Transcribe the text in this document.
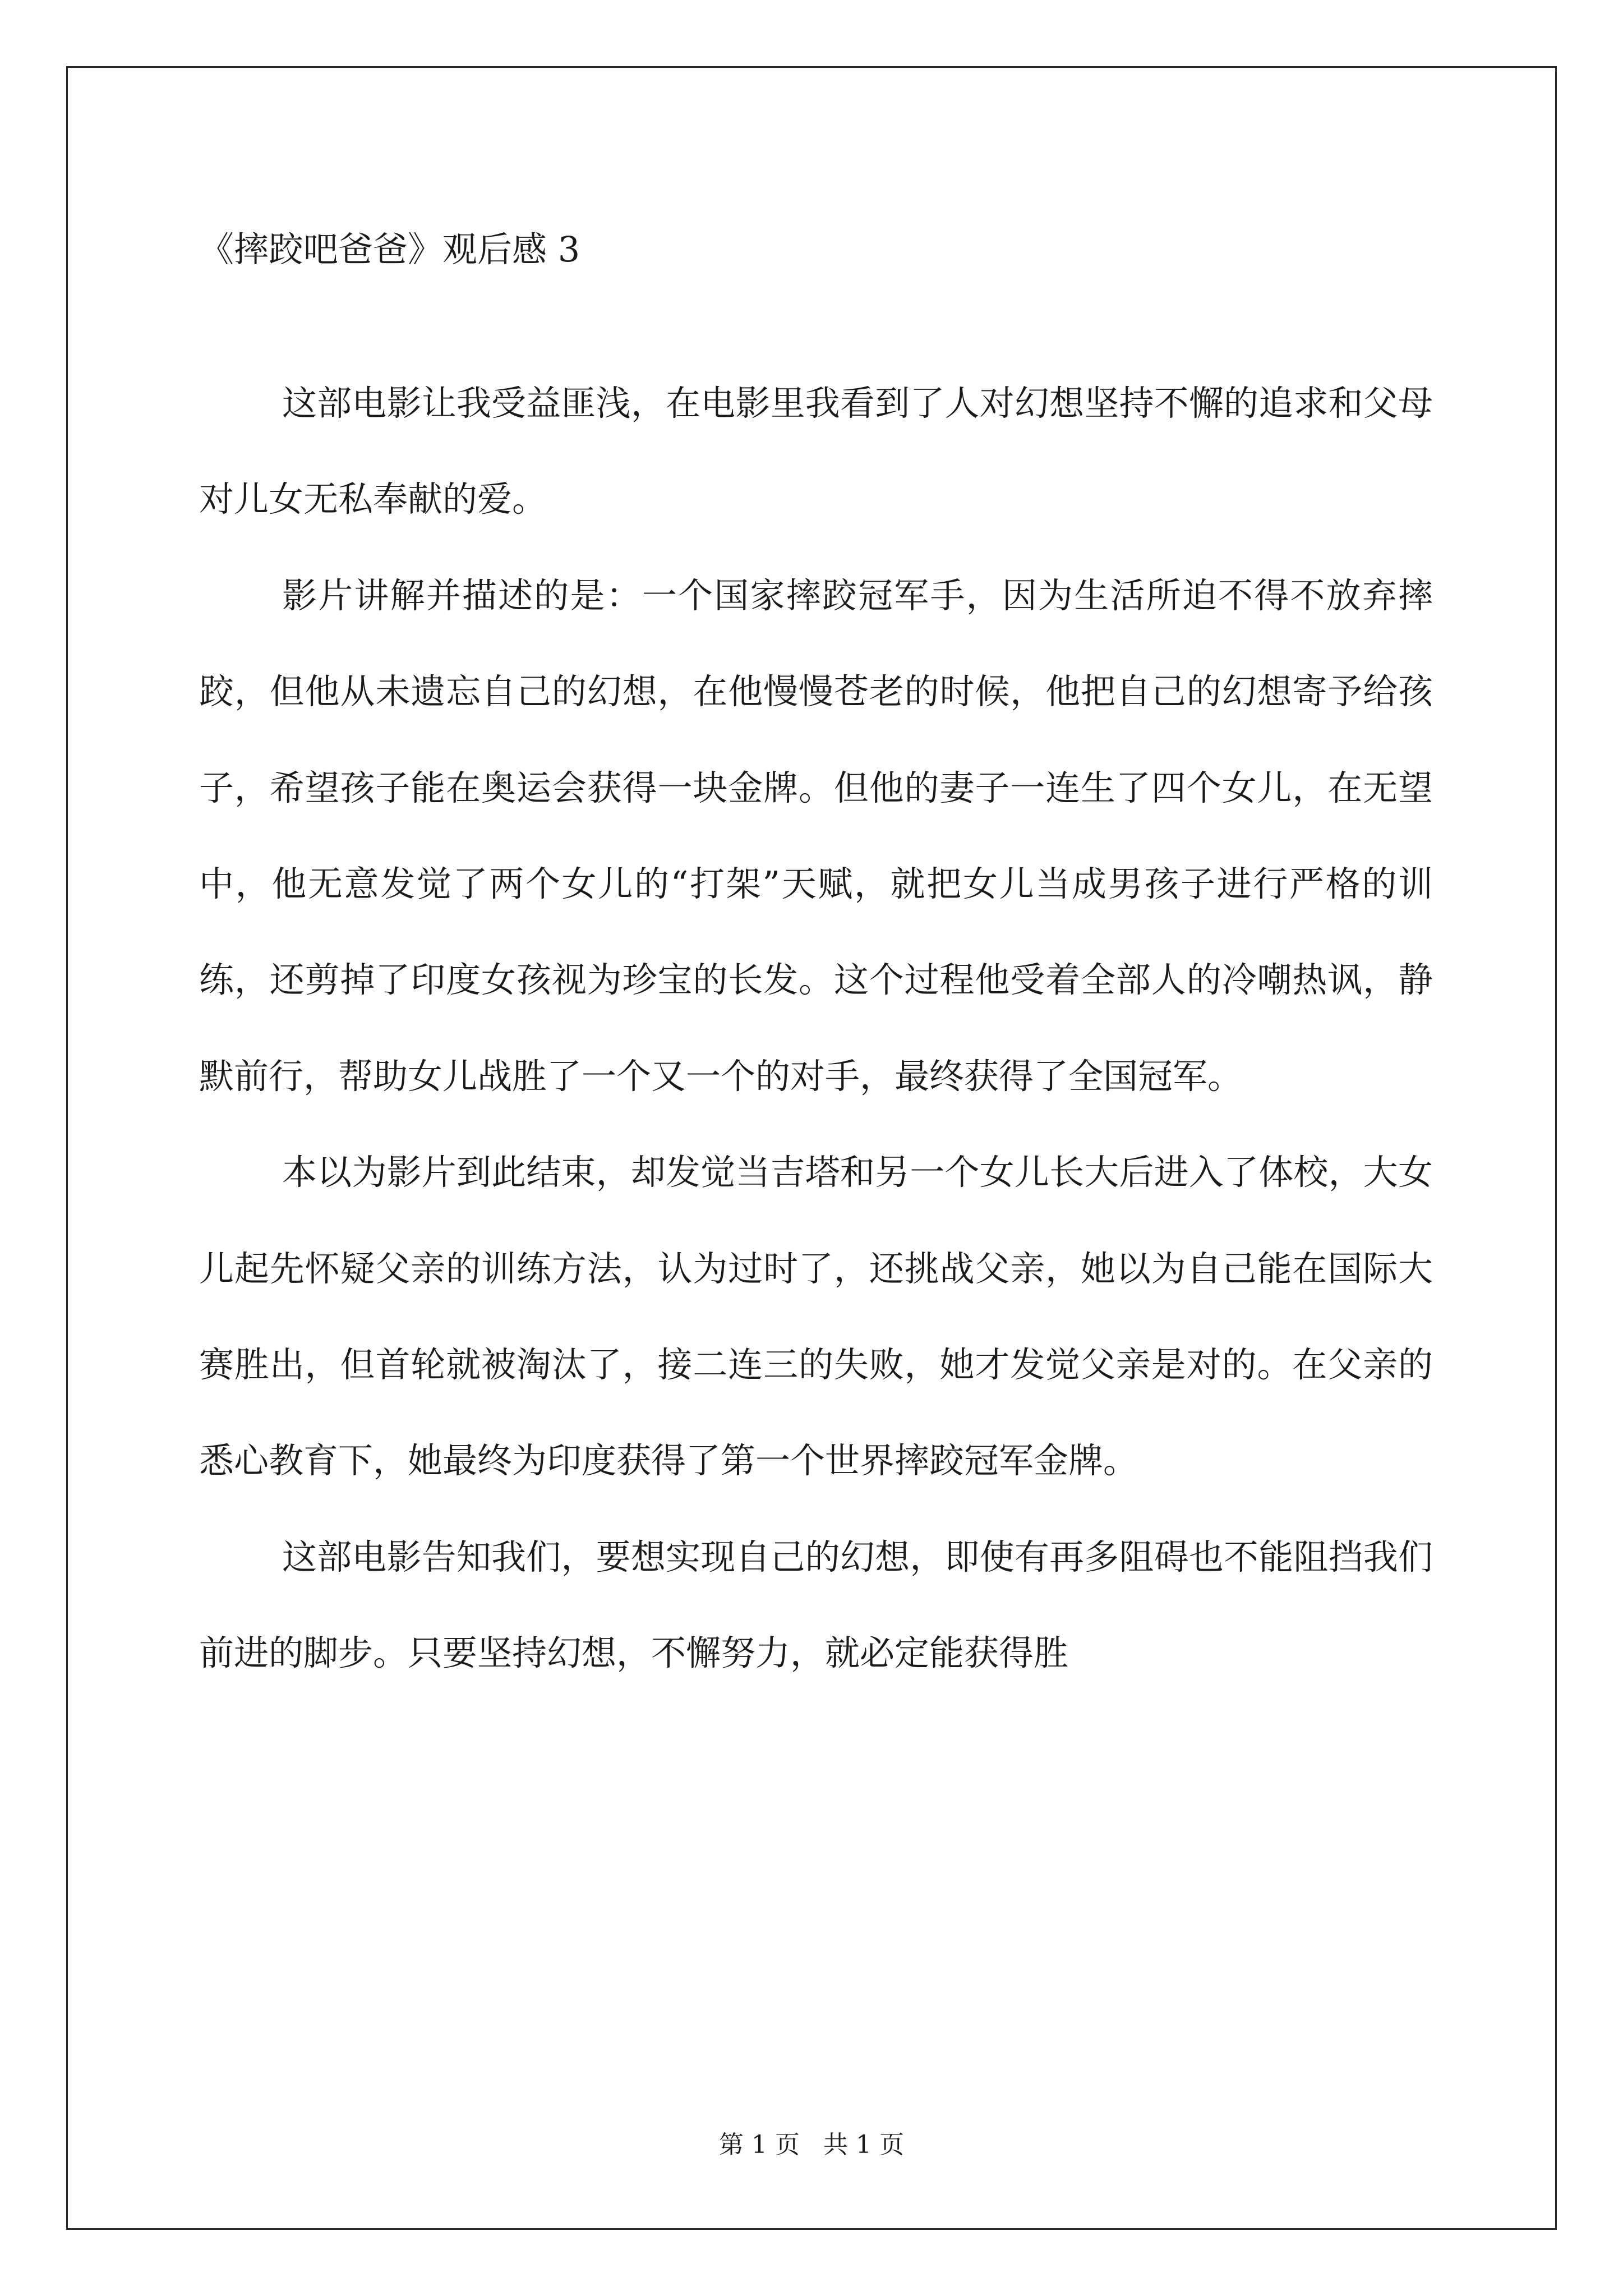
《摔跤吧爸爸》观后感 3

这部电影让我受益匪浅，在电影里我看到了人对幻想坚持不懈的追求和父母对儿女无私奉献的爱。

影片讲解并描述的是：一个国家摔跤冠军手，因为生活所迫不得不放弃摔跤，但他从未遗忘自己的幻想，在他慢慢苍老的时候，他把自己的幻想寄予给孩子，希望孩子能在奥运会获得一块金牌。但他的妻子一连生了四个女儿，在无望中，他无意发觉了两个女儿的“打架”天赋，就把女儿当成男孩子进行严格的训练，还剪掉了印度女孩视为珍宝的长发。这个过程他受着全部人的冷嘲热讽，静默前行，帮助女儿战胜了一个又一个的对手，最终获得了全国冠军。

本以为影片到此结束，却发觉当吉塔和另一个女儿长大后进入了体校，大女儿起先怀疑父亲的训练方法，认为过时了，还挑战父亲，她以为自己能在国际大赛胜出，但首轮就被淘汰了，接二连三的失败，她才发觉父亲是对的。在父亲的悉心教育下，她最终为印度获得了第一个世界摔跤冠军金牌。

这部电影告知我们，要想实现自己的幻想，即使有再多阻碍也不能阻挡我们前进的脚步。只要坚持幻想，不懈努力，就必定能获得胜

第 1 页   共 1 页
